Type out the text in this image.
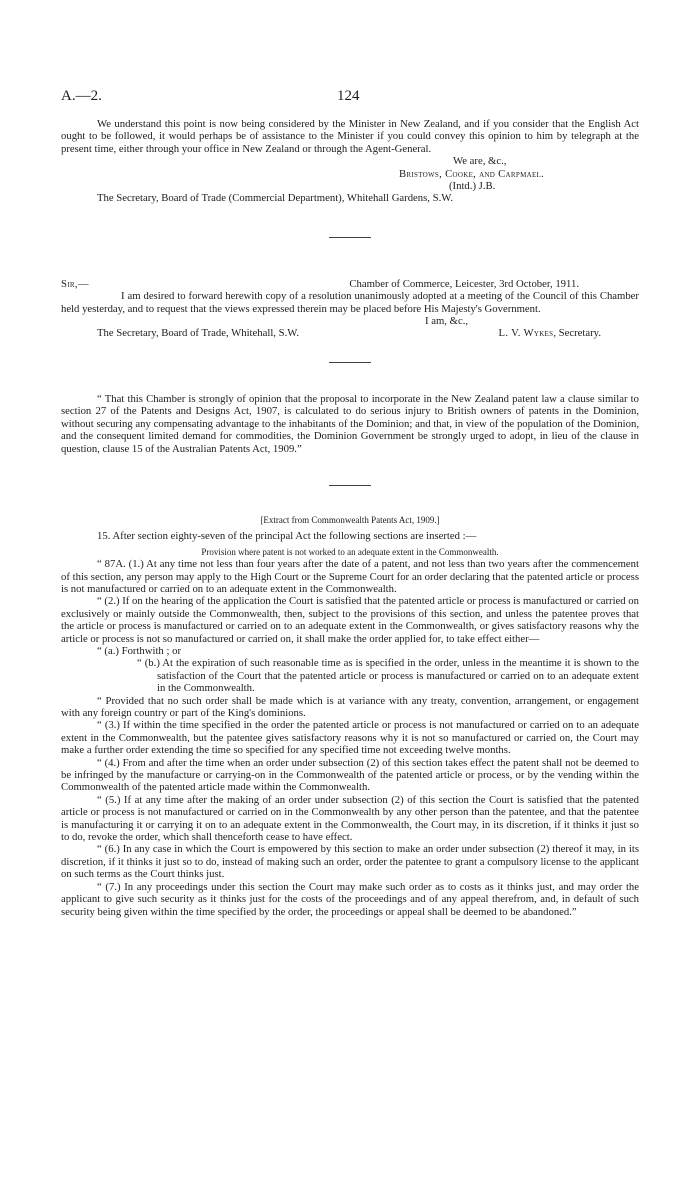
A.—2.	124

We understand this point is now being considered by the Minister in New Zealand, and if you consider that the English Act ought to be followed, it would perhaps be of assistance to the Minister if you could convey this opinion to him by telegraph at the present time, either through your office in New Zealand or through the Agent-General.

We are, &c.,

Bristows, Cooke, and Carpmael.

(Intd.) J.B.

The Secretary, Board of Trade (Commercial Department), Whitehall Gardens, S.W.

Sir,—	Chamber of Commerce, Leicester, 3rd October, 1911.

I am desired to forward herewith copy of a resolution unanimously adopted at a meeting of the Council of this Chamber held yesterday, and to request that the views expressed therein may be placed before His Majesty's Government.

I am, &c.,

The Secretary, Board of Trade, Whitehall, S.W.	L. V. Wykes, Secretary.

“ That this Chamber is strongly of opinion that the proposal to incorporate in the New Zealand patent law a clause similar to section 27 of the Patents and Designs Act, 1907, is calculated to do serious injury to British owners of patents in the Dominion, without securing any compensating advantage to the inhabitants of the Dominion; and that, in view of the population of the Dominion, and the consequent limited demand for commodities, the Dominion Government be strongly urged to adopt, in lieu of the clause in question, clause 15 of the Australian Patents Act, 1909.”

[Extract from Commonwealth Patents Act, 1909.]

15. After section eighty-seven of the principal Act the following sections are inserted :—

Provision where patent is not worked to an adequate extent in the Commonwealth.

“ 87A. (1.) At any time not less than four years after the date of a patent, and not less than two years after the commencement of this section, any person may apply to the High Court or the Supreme Court for an order declaring that the patented article or process is not manufactured or carried on to an adequate extent in the Commonwealth.

“ (2.) If on the hearing of the application the Court is satisfied that the patented article or process is manufactured or carried on exclusively or mainly outside the Commonwealth, then, subject to the provisions of this section, and unless the patentee proves that the article or process is manufactured or carried on to an adequate extent in the Commonwealth, or gives satisfactory reasons why the article or process is not so manufactured or carried on, it shall make the order applied for, to take effect either—

“ (a.) Forthwith ; or

“ (b.) At the expiration of such reasonable time as is specified in the order, unless in the meantime it is shown to the satisfaction of the Court that the patented article or process is manufactured or carried on to an adequate extent in the Commonwealth.

“ Provided that no such order shall be made which is at variance with any treaty, convention, arrangement, or engagement with any foreign country or part of the King's dominions.

“ (3.) If within the time specified in the order the patented article or process is not manufactured or carried on to an adequate extent in the Commonwealth, but the patentee gives satisfactory reasons why it is not so manufactured or carried on, the Court may make a further order extending the time so specified for any specified time not exceeding twelve months.

“ (4.) From and after the time when an order under subsection (2) of this section takes effect the patent shall not be deemed to be infringed by the manufacture or carrying-on in the Commonwealth of the patented article or process, or by the vending within the Commonwealth of the patented article made within the Commonwealth.

“ (5.) If at any time after the making of an order under subsection (2) of this section the Court is satisfied that the patented article or process is not manufactured or carried on in the Commonwealth by any other person than the patentee, and that the patentee is manufacturing it or carrying it on to an adequate extent in the Commonwealth, the Court may, in its discretion, if it thinks it just so to do, revoke the order, which shall thenceforth cease to have effect.

“ (6.) In any case in which the Court is empowered by this section to make an order under subsection (2) thereof it may, in its discretion, if it thinks it just so to do, instead of making such an order, order the patentee to grant a compulsory license to the applicant on such terms as the Court thinks just.

“ (7.) In any proceedings under this section the Court may make such order as to costs as it thinks just, and may order the applicant to give such security as it thinks just for the costs of the proceedings and of any appeal therefrom, and, in default of such security being given within the time specified by the order, the proceedings or appeal shall be deemed to be abandoned.”
